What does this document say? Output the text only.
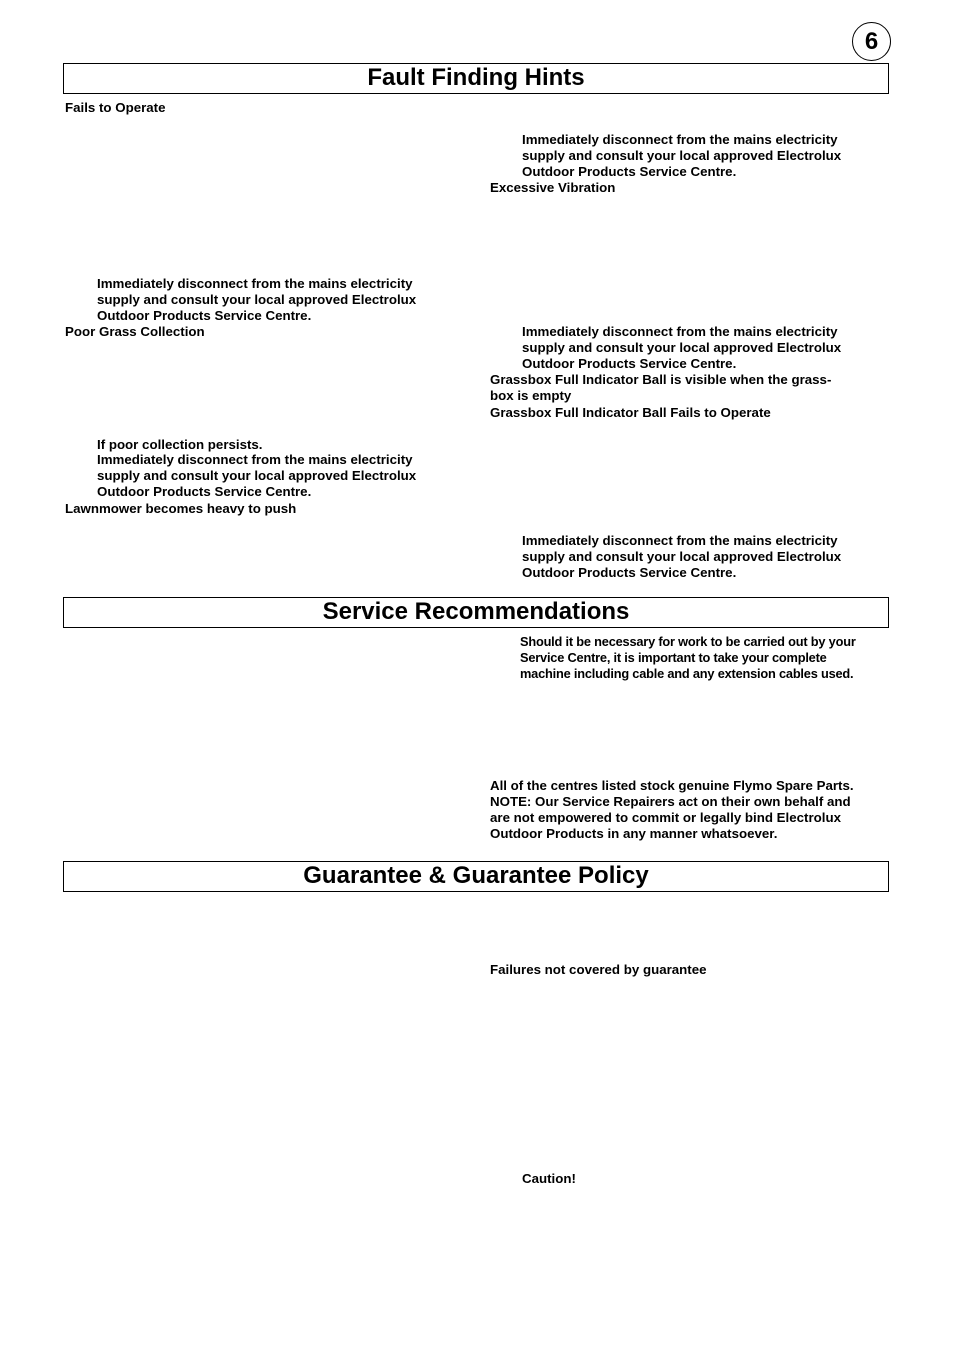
6
Fault Finding Hints
Fails to Operate
Immediately disconnect from the mains electricity
supply and consult your local approved Electrolux
Outdoor Products Service Centre.
Poor Grass Collection
If poor collection persists.
Immediately disconnect from the mains electricity
supply and consult your local approved Electrolux
Outdoor Products Service Centre.
Lawnmower becomes heavy to push
Immediately disconnect from the mains electricity
supply and consult your local approved Electrolux
Outdoor Products Service Centre.
Excessive Vibration
Immediately disconnect from the mains electricity
supply and consult your local approved Electrolux
Outdoor Products Service Centre.
Grassbox Full Indicator Ball is visible when the grass-
box is empty
Grassbox Full Indicator Ball Fails to Operate
Immediately disconnect from the mains electricity
supply and consult your local approved Electrolux
Outdoor Products Service Centre.
Service Recommendations
Should it be necessary for work to be carried out by your
Service Centre, it is important to take your complete
machine including cable and any extension cables used.
All of the centres listed stock genuine Flymo Spare Parts.
NOTE: Our Service Repairers act on their own behalf and
are not empowered to commit or legally bind Electrolux
Outdoor Products in any manner whatsoever.
Guarantee & Guarantee Policy
Failures not covered by guarantee
Caution!
